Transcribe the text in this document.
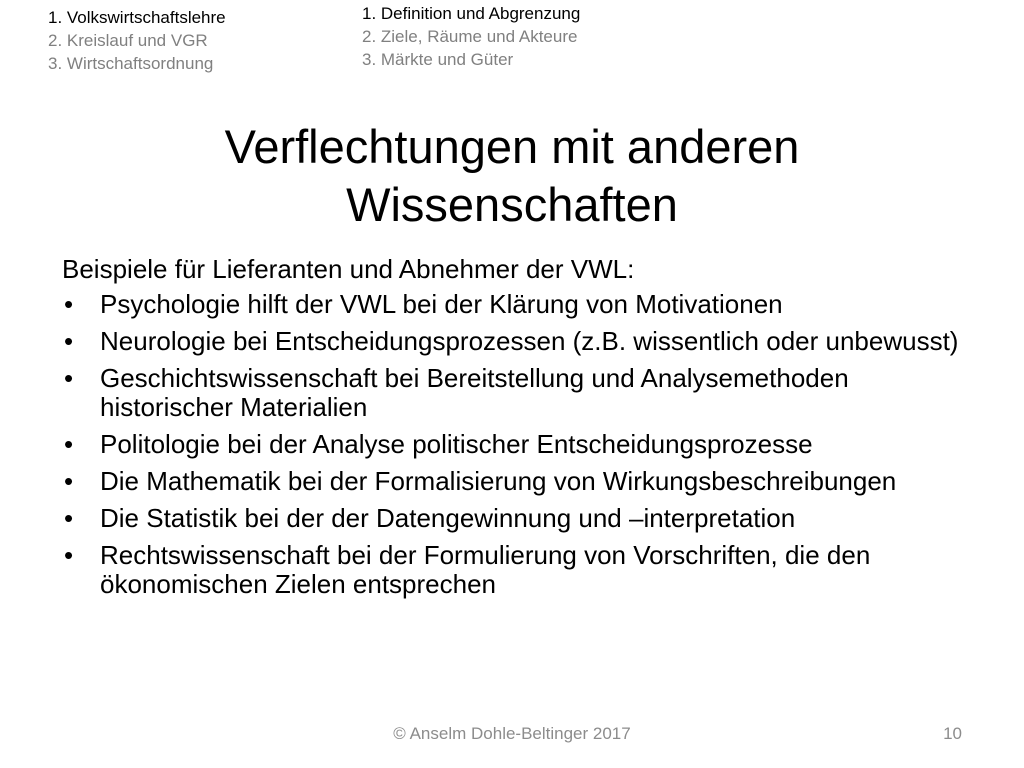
1. Volkswirtschaftslehre
2. Kreislauf und VGR
3. Wirtschaftsordnung
1. Definition und Abgrenzung
2. Ziele, Räume und Akteure
3. Märkte und Güter
Verflechtungen mit anderen
Wissenschaften
Beispiele für Lieferanten und Abnehmer der VWL:
• Psychologie hilft der VWL bei der Klärung von Motivationen
• Neurologie bei Entscheidungsprozessen (z.B. wissentlich oder unbewusst)
• Geschichtswissenschaft bei Bereitstellung und Analysemethoden historischer Materialien
• Politologie bei der Analyse politischer Entscheidungsprozesse
• Die Mathematik bei der Formalisierung von Wirkungsbeschreibungen
• Die Statistik bei der der Datengewinnung und –interpretation
• Rechtswissenschaft bei der Formulierung von Vorschriften, die den ökonomischen Zielen entsprechen
© Anselm Dohle-Beltinger 2017	10
